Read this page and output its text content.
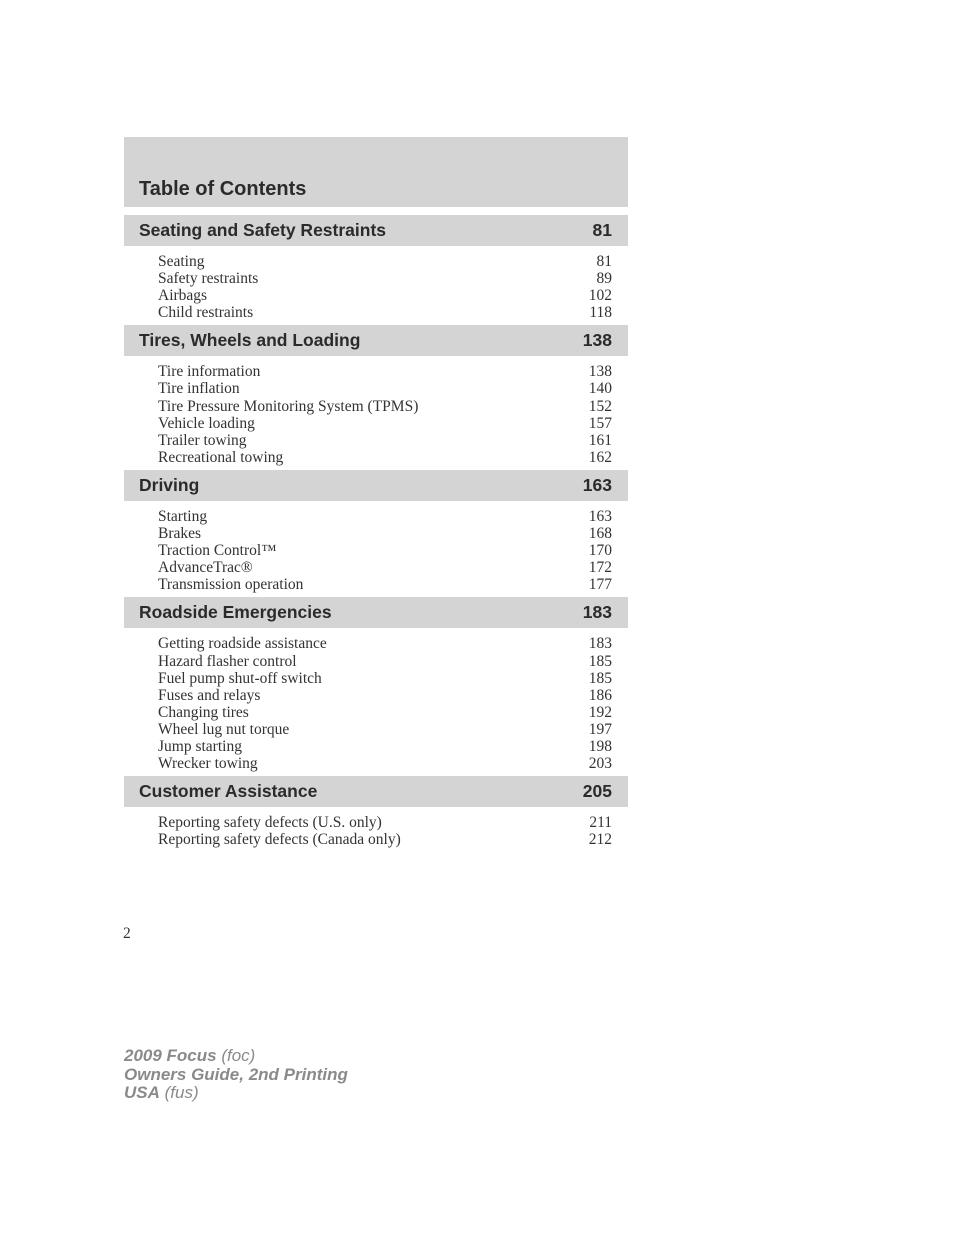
Table of Contents
Seating and Safety Restraints	81
Seating	81
Safety restraints	89
Airbags	102
Child restraints	118
Tires, Wheels and Loading	138
Tire information	138
Tire inflation	140
Tire Pressure Monitoring System (TPMS)	152
Vehicle loading	157
Trailer towing	161
Recreational towing	162
Driving	163
Starting	163
Brakes	168
Traction Control™	170
AdvanceTrac®	172
Transmission operation	177
Roadside Emergencies	183
Getting roadside assistance	183
Hazard flasher control	185
Fuel pump shut-off switch	185
Fuses and relays	186
Changing tires	192
Wheel lug nut torque	197
Jump starting	198
Wrecker towing	203
Customer Assistance	205
Reporting safety defects (U.S. only)	211
Reporting safety defects (Canada only)	212
2
2009 Focus (foc)
Owners Guide, 2nd Printing
USA (fus)
